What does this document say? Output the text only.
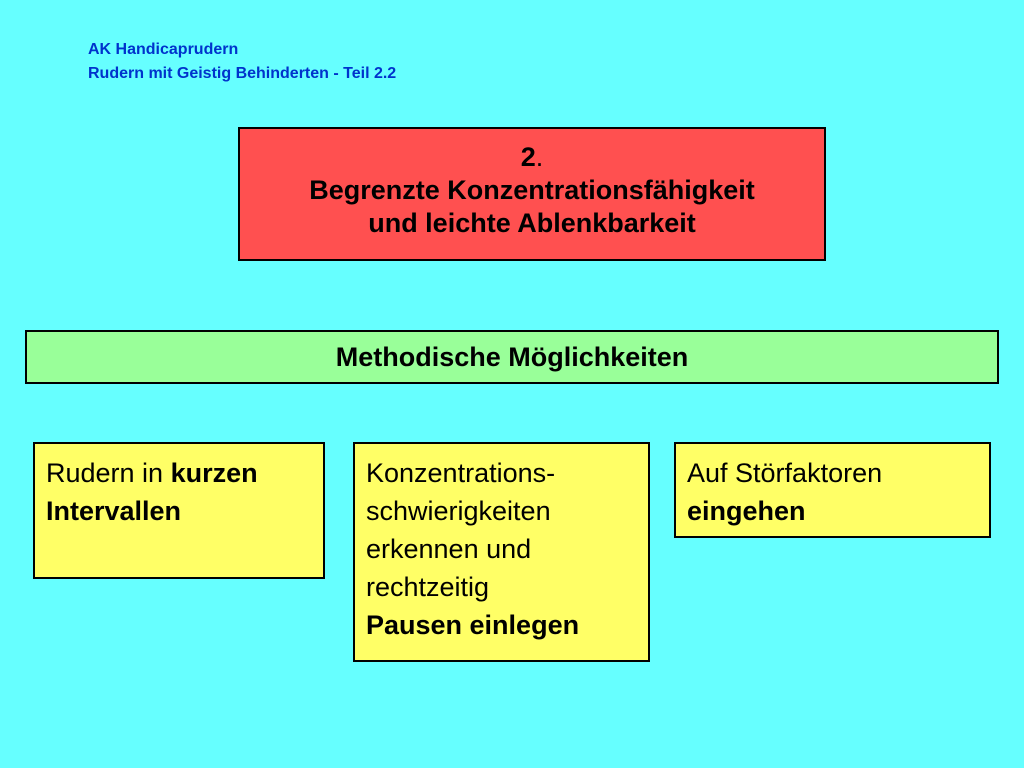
AK Handicaprudern
Rudern mit Geistig Behinderten - Teil 2.2
2.
Begrenzte Konzentrationsfähigkeit
und leichte Ablenkbarkeit
Methodische Möglichkeiten
Rudern in kurzen
Intervallen
Konzentrations-
schwierigkeiten
erkennen und
rechtzeitig
Pausen einlegen
Auf Störfaktoren
eingehen
